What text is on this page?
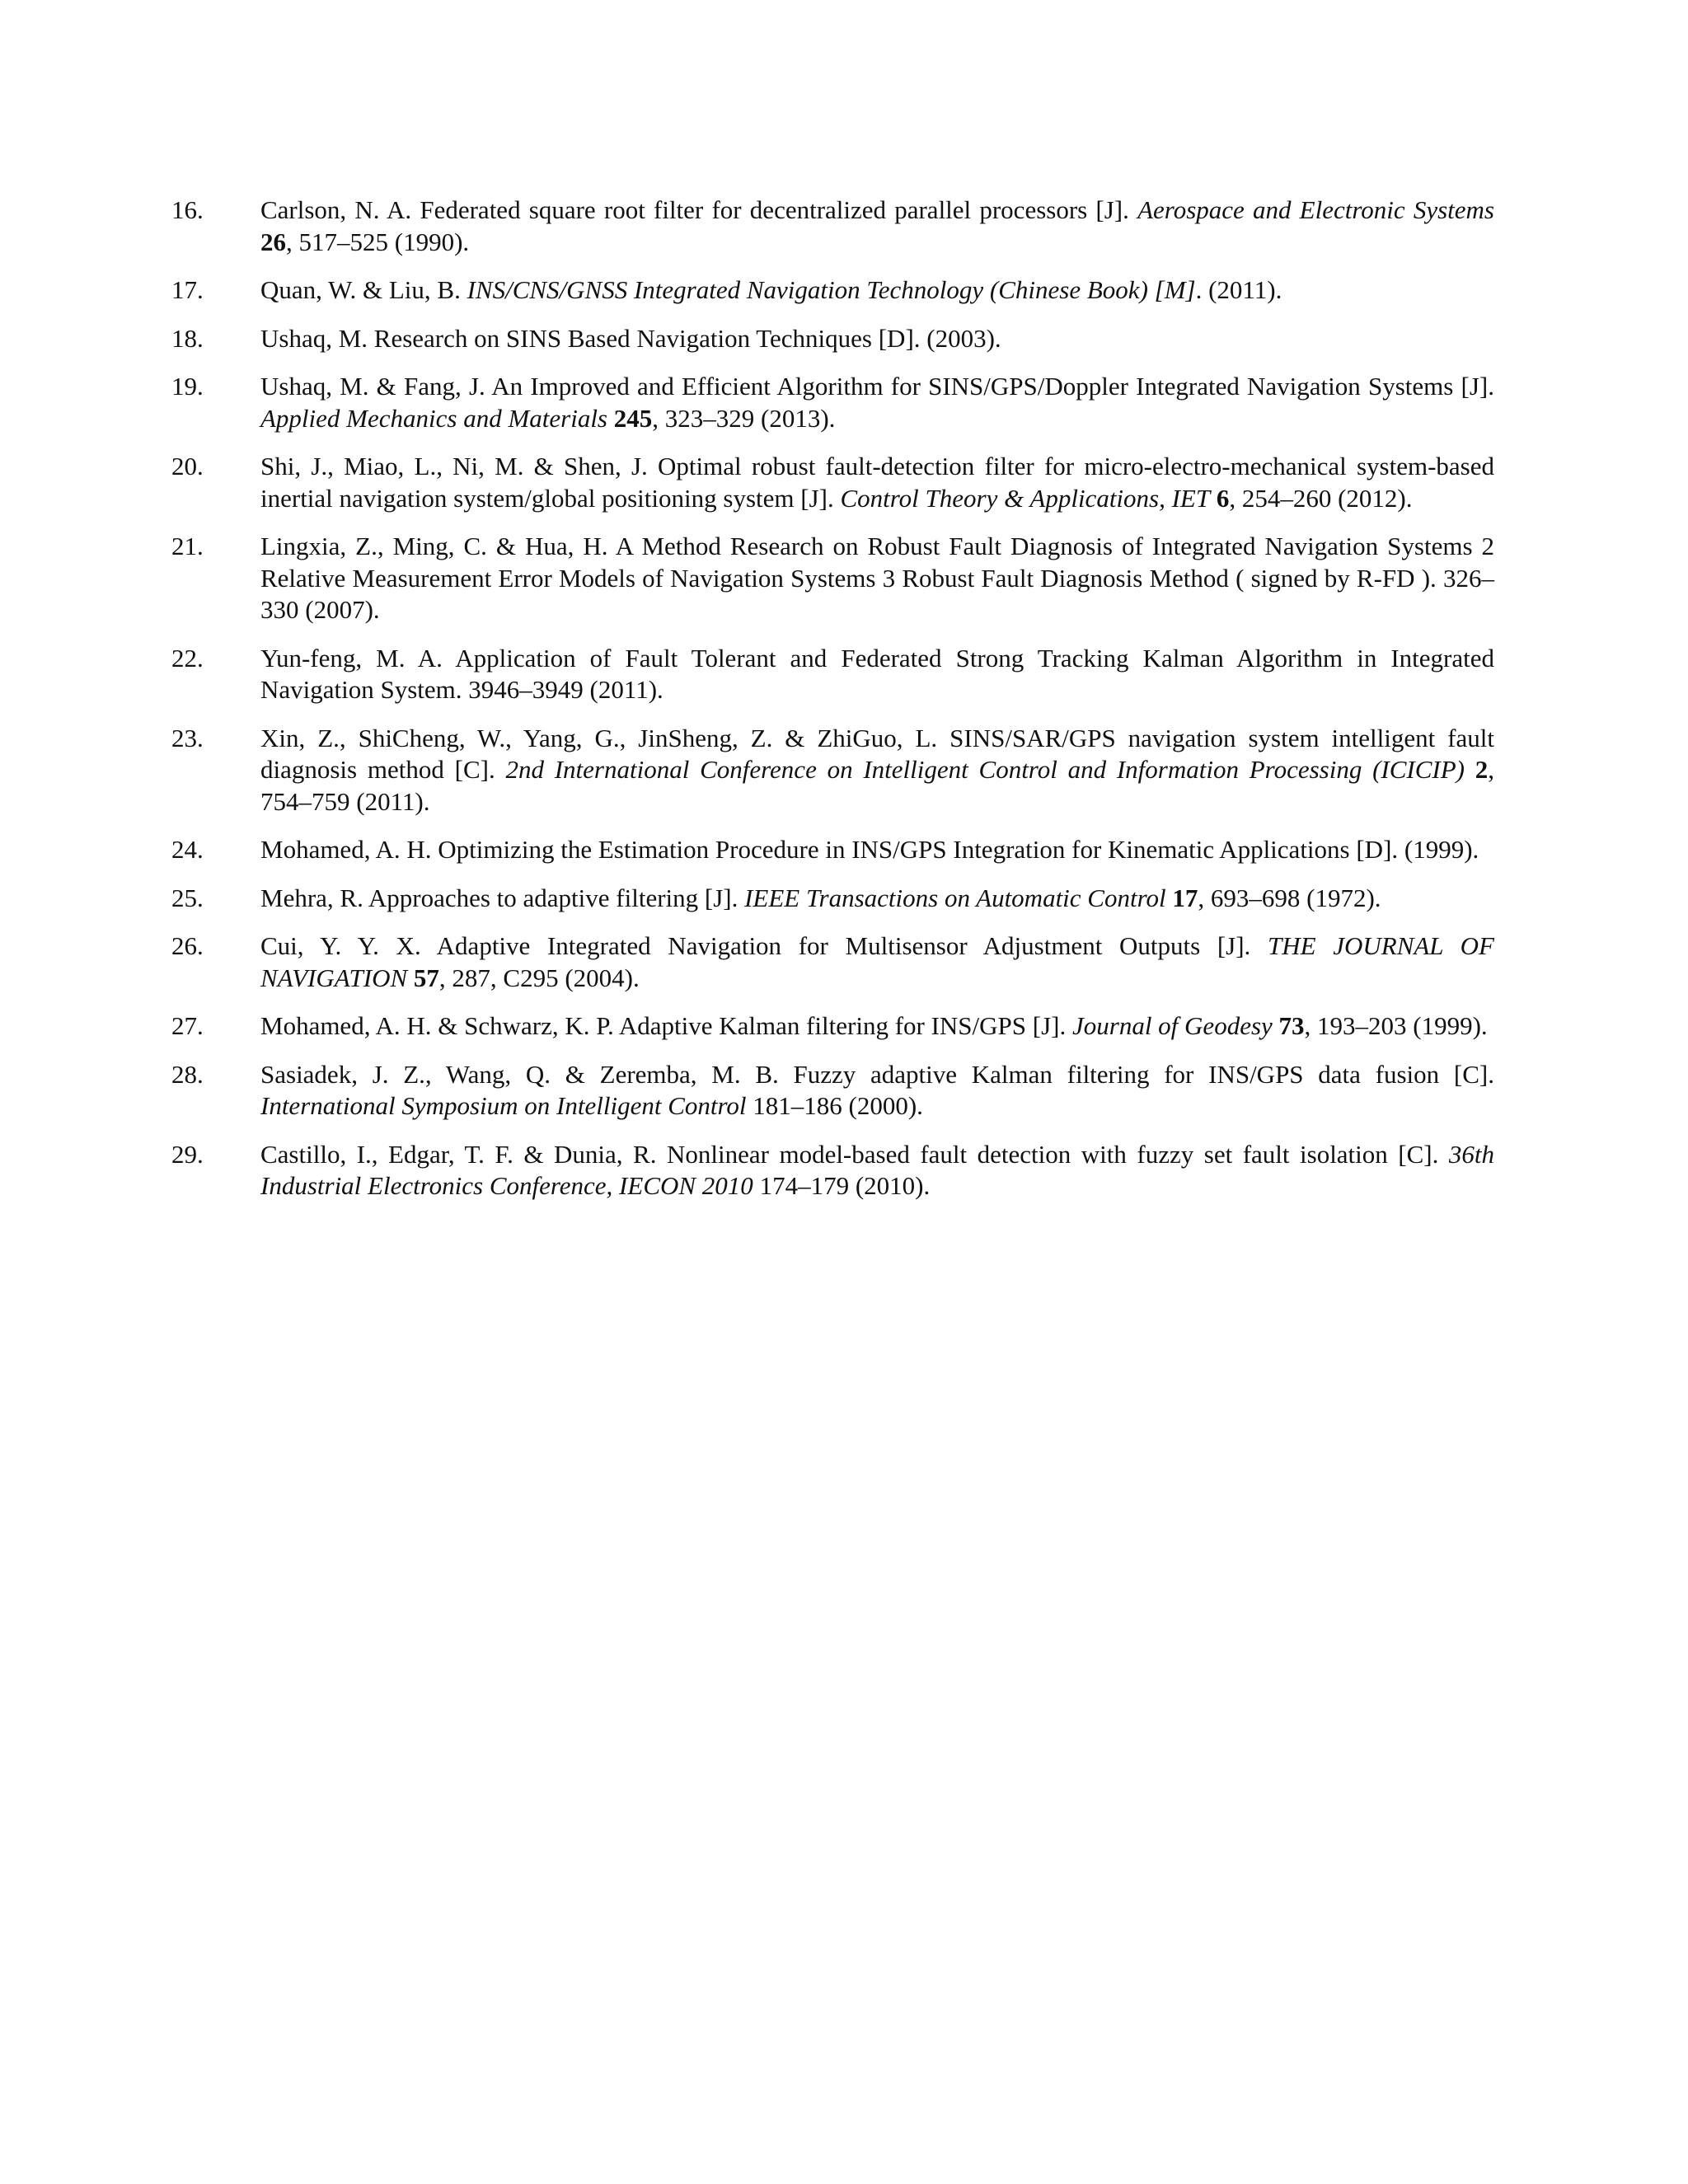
16. Carlson, N. A. Federated square root filter for decentralized parallel processors [J]. Aerospace and Electronic Systems 26, 517–525 (1990).
17. Quan, W. & Liu, B. INS/CNS/GNSS Integrated Navigation Technology (Chinese Book) [M]. (2011).
18. Ushaq, M. Research on SINS Based Navigation Techniques [D]. (2003).
19. Ushaq, M. & Fang, J. An Improved and Efficient Algorithm for SINS/GPS/Doppler Integrated Navigation Systems [J]. Applied Mechanics and Materials 245, 323–329 (2013).
20. Shi, J., Miao, L., Ni, M. & Shen, J. Optimal robust fault-detection filter for micro-electro-mechanical system-based inertial navigation system/global positioning system [J]. Control Theory & Applications, IET 6, 254–260 (2012).
21. Lingxia, Z., Ming, C. & Hua, H. A Method Research on Robust Fault Diagnosis of Integrated Navigation Systems 2 Relative Measurement Error Models of Navigation Systems 3 Robust Fault Diagnosis Method ( signed by R-FD ). 326–330 (2007).
22. Yun-feng, M. A. Application of Fault Tolerant and Federated Strong Tracking Kalman Algorithm in Integrated Navigation System. 3946–3949 (2011).
23. Xin, Z., ShiCheng, W., Yang, G., JinSheng, Z. & ZhiGuo, L. SINS/SAR/GPS navigation system intelligent fault diagnosis method [C]. 2nd International Conference on Intelligent Control and Information Processing (ICICIP) 2, 754–759 (2011).
24. Mohamed, A. H. Optimizing the Estimation Procedure in INS/GPS Integration for Kinematic Applications [D]. (1999).
25. Mehra, R. Approaches to adaptive filtering [J]. IEEE Transactions on Automatic Control 17, 693–698 (1972).
26. Cui, Y. Y. X. Adaptive Integrated Navigation for Multisensor Adjustment Outputs [J]. THE JOURNAL OF NAVIGATION 57, 287, C295 (2004).
27. Mohamed, A. H. & Schwarz, K. P. Adaptive Kalman filtering for INS/GPS [J]. Journal of Geodesy 73, 193–203 (1999).
28. Sasiadek, J. Z., Wang, Q. & Zeremba, M. B. Fuzzy adaptive Kalman filtering for INS/GPS data fusion [C]. International Symposium on Intelligent Control 181–186 (2000).
29. Castillo, I., Edgar, T. F. & Dunia, R. Nonlinear model-based fault detection with fuzzy set fault isolation [C]. 36th Industrial Electronics Conference, IECON 2010 174–179 (2010).
